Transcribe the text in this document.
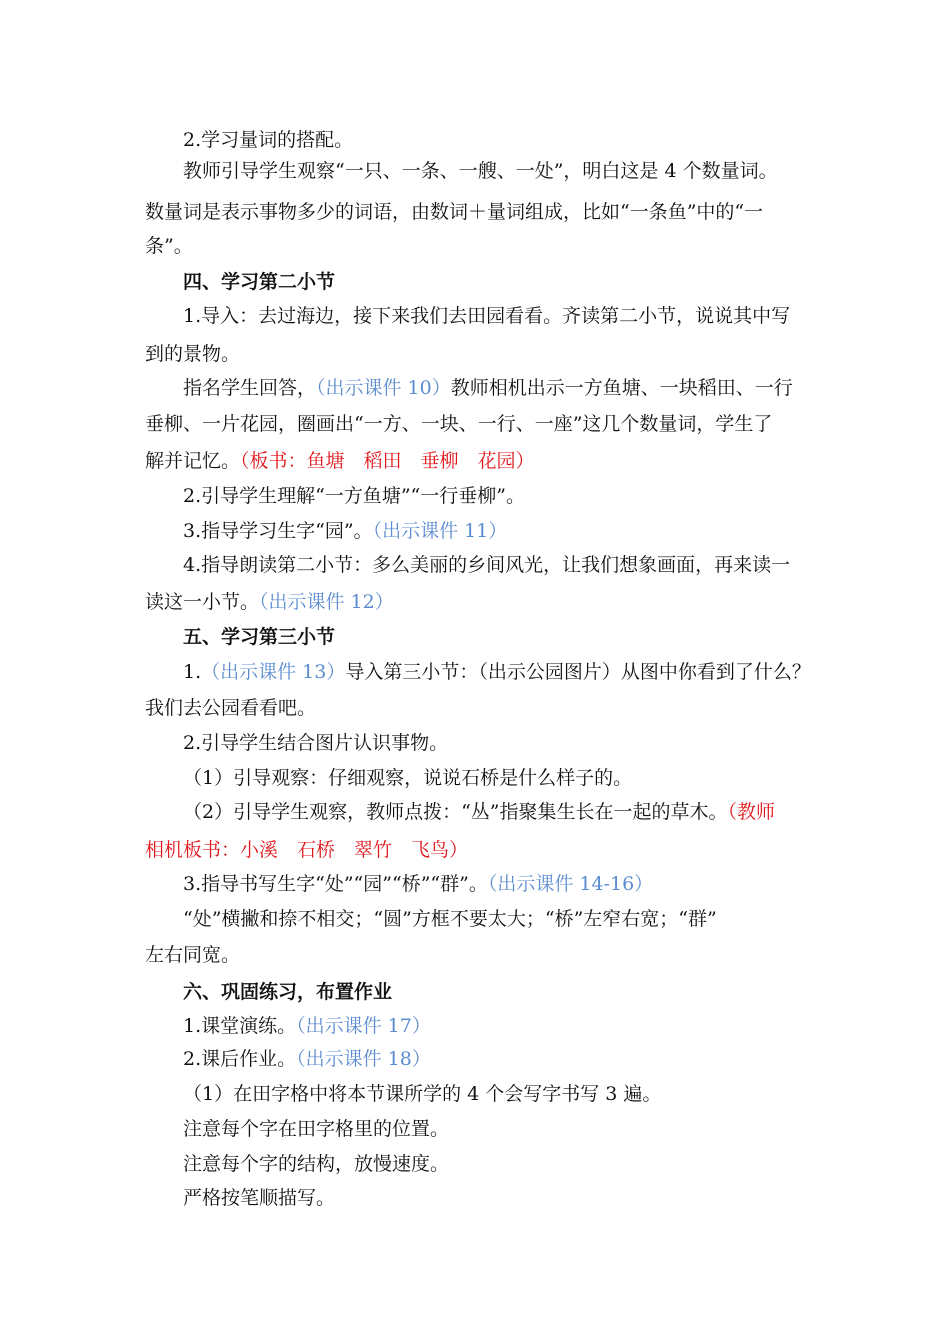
2.学习量词的搭配。
教师引导学生观察“一只、一条、一艘、一处”，明白这是 4 个数量词。
数量词是表示事物多少的词语，由数词＋量词组成，比如“一条鱼”中的“一
条”。
四、学习第二小节
1.导入：去过海边，接下来我们去田园看看。齐读第二小节，说说其中写
到的景物。
指名学生回答，（出示课件 10）教师相机出示一方鱼塘、一块稻田、一行
垂柳、一片花园，圈画出“一方、一块、一行、一座”这几个数量词，学生了
解并记忆。（板书：鱼塘　稻田　垂柳　花园）
2.引导学生理解“一方鱼塘”“一行垂柳”。
3.指导学习生字“园”。（出示课件 11）
4.指导朗读第二小节：多么美丽的乡间风光，让我们想象画面，再来读一
读这一小节。（出示课件 12）
五、学习第三小节
1.（出示课件 13）导入第三小节：（出示公园图片）从图中你看到了什么？
我们去公园看看吧。
2.引导学生结合图片认识事物。
（1）引导观察：仔细观察，说说石桥是什么样子的。
（2）引导学生观察，教师点拨：“丛”指聚集生长在一起的草木。（教师
相机板书：小溪　石桥　翠竹　飞鸟）
3.指导书写生字“处”“园”“桥”“群”。（出示课件 14-16）
“处”横撇和捺不相交；“圆”方框不要太大；“桥”左窄右宽；“群”
左右同宽。
六、巩固练习，布置作业
1.课堂演练。（出示课件 17）
2.课后作业。（出示课件 18）
（1）在田字格中将本节课所学的 4 个会写字书写 3 遍。
注意每个字在田字格里的位置。
注意每个字的结构，放慢速度。
严格按笔顺描写。
